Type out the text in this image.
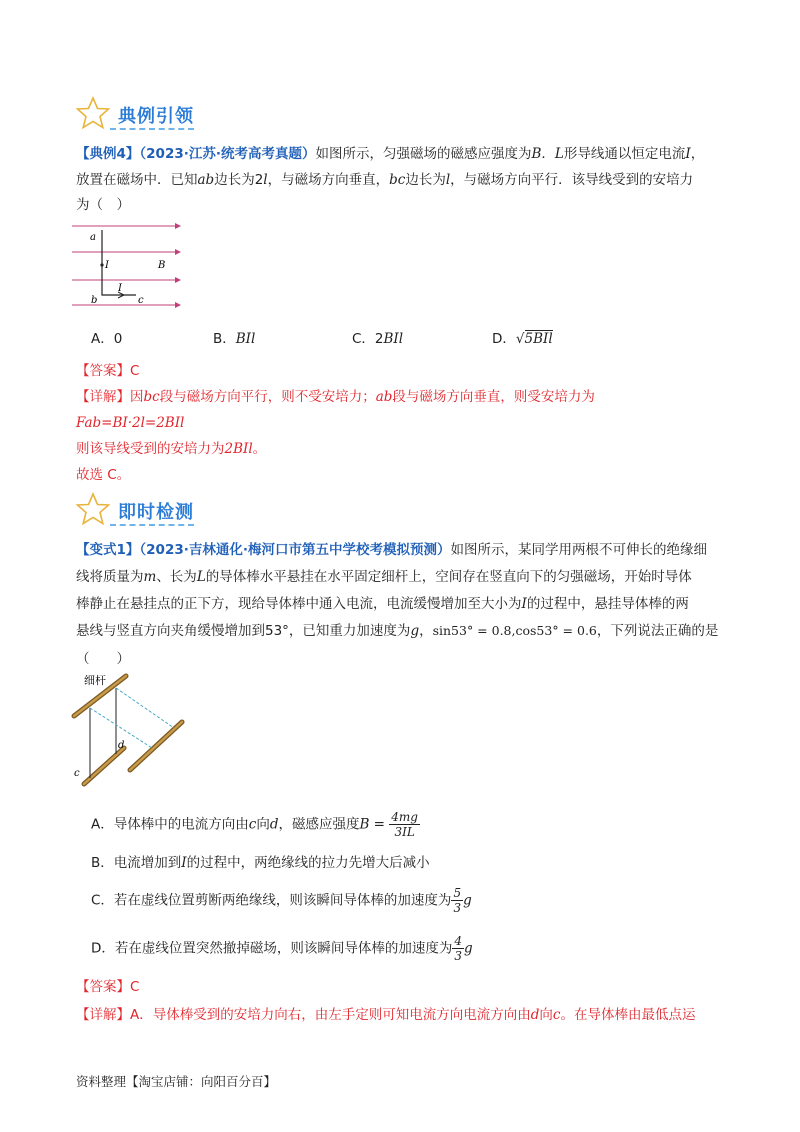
典例引领
【典例4】（2023·江苏·统考高考真题）如图所示，匀强磁场的磁感应强度为B．L形导线通以恒定电流I，
放置在磁场中．已知ab边长为2l，与磁场方向垂直，bc边长为l，与磁场方向平行．该导线受到的安培力
为（　）
a
I	B
b
I
c
A．0	B．BIl	C．2BIl	D．√5BIl
【答案】C
【详解】因bc段与磁场方向平行，则不受安培力；ab段与磁场方向垂直，则受安培力为
Fab=BI·2l=2BIl
则该导线受到的安培力为2BIl。
故选 C。
即时检测
【变式1】（2023·吉林通化·梅河口市第五中学校考模拟预测）如图所示，某同学用两根不可伸长的绝缘细
线将质量为m、长为L的导体棒水平悬挂在水平固定细杆上，空间存在竖直向下的匀强磁场，开始时导体
棒静止在悬挂点的正下方，现给导体棒中通入电流，电流缓慢增加至大小为I的过程中，悬挂导体棒的两
悬线与竖直方向夹角缓慢增加到53°，已知重力加速度为g，sin53° = 0.8,cos53° = 0.6，下列说法正确的是
（　　）
细杆
d
c
A．导体棒中的电流方向由c向d，磁感应强度$B = \frac{4mg}{3IL}$
B．电流增加到I的过程中，两绝缘线的拉力先增大后减小
C．若在虚线位置剪断两绝缘线，则该瞬间导体棒的加速度为 $\frac{5}{3}$ g
D．若在虚线位置突然撤掉磁场，则该瞬间导体棒的加速度为 $\frac{4}{3}$ g
【答案】C
【详解】A．导体棒受到的安培力向右，由左手定则可知电流方向电流方向由d向c。在导体棒由最低点运
资料整理【淘宝店铺：向阳百分百】
